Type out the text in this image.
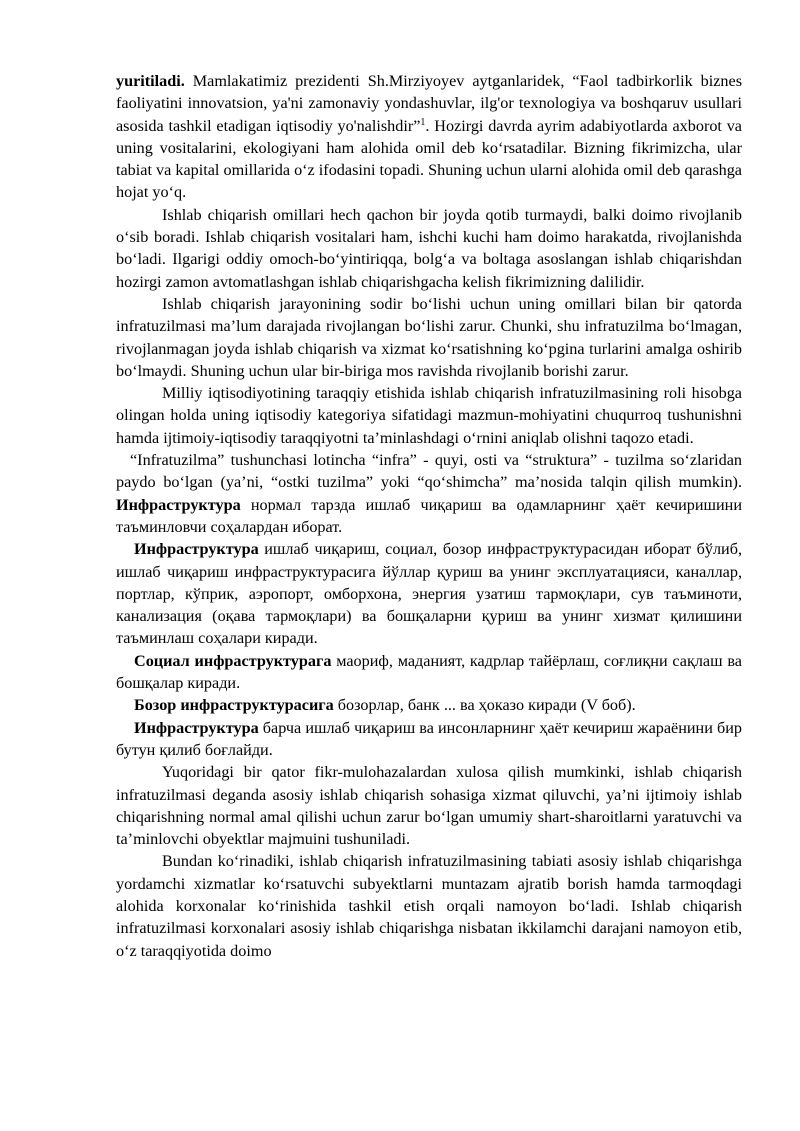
yuritiladi. Mamlakatimiz prezidenti Sh.Mirziyoyev aytganlaridek, “Faol tadbirkorlik biznes faoliyatini innovatsion, ya'ni zamonaviy yondashuvlar, ilg'or texnologiya va boshqaruv usullari asosida tashkil etadigan iqtisodiy yo'nalishdir”$^1$. Hozirgi davrda ayrim adabiyotlarda axborot va uning vositalarini, ekologiyani ham alohida omil deb ko‘rsatadilar. Bizning fikrimizcha, ular tabiat va kapital omillarida o‘z ifodasini topadi. Shuning uchun ularni alohida omil deb qarashga hojat yo‘q.

Ishlab chiqarish omillari hech qachon bir joyda qotib turmaydi, balki doimo rivojlanib o‘sib boradi. Ishlab chiqarish vositalari ham, ishchi kuchi ham doimo harakatda, rivojlanishda bo‘ladi. Ilgarigi oddiy omoch-bo‘yintiriqqa, bolg‘a va boltaga asoslangan ishlab chiqarishdan hozirgi zamon avtomatlashgan ishlab chiqarishgacha kelish fikrimizning dalilidir.

Ishlab chiqarish jarayonining sodir bo‘lishi uchun uning omillari bilan bir qatorda infratuzilmasi ma’lum darajada rivojlangan bo‘lishi zarur. Chunki, shu infratuzilma bo‘lmagan, rivojlanmagan joyda ishlab chiqarish va xizmat ko‘rsatishning ko‘pgina turlarini amalga oshirib bo‘lmaydi. Shuning uchun ular bir-biriga mos ravishda rivojlanib borishi zarur.

Milliy iqtisodiyotining taraqqiy etishida ishlab chiqarish infratuzilmasining roli hisobga olingan holda uning iqtisodiy kategoriya sifatidagi mazmun-mohiyatini chuqurroq tushunishni hamda ijtimoiy-iqtisodiy taraqqiyotni ta’minlashdagi o‘rnini aniqlab olishni taqozo etadi.

“Infratuzilma” tushunchasi lotincha “infra” - quyi, osti va “struktura” - tuzilma so‘zlaridan paydo bo‘lgan (ya’ni, “ostki tuzilma” yoki “qo‘shimcha” ma’nosida talqin qilish mumkin). Инфраструктура нормал тарзда ишлаб чиқариш ва одамларнинг ҳаёт кечиришини таъминловчи соҳалардан иборат.

Инфраструктура ишлаб чиқариш, социал, бозор инфраструктурасидан иборат бўлиб, ишлаб чиқариш инфраструктурасига йўллар қуриш ва унинг эксплуатацияси, каналлар, портлар, кўприк, аэропорт, омборхона, энергия узатиш тармоқлари, сув таъминоти, канализация (оқава тармоқлари) ва бошқаларни қуриш ва унинг хизмат қилишини таъминлаш соҳалари киради.

Социал инфраструктурага маориф, маданият, кадрлар тайёрлаш, соғлиқни сақлаш ва бошқалар киради.

Бозор инфраструктурасига бозорлар, банк ... ва ҳоказо киради (V боб).

Инфраструктура барча ишлаб чиқариш ва инсонларнинг ҳаёт кечириш жараёнини бир бутун қилиб боғлайди.

Yuqoridagi bir qator fikr-mulohazalardan xulosa qilish mumkinki, ishlab chiqarish infratuzilmasi deganda asosiy ishlab chiqarish sohasiga xizmat qiluvchi, ya’ni ijtimoiy ishlab chiqarishning normal amal qilishi uchun zarur bo‘lgan umumiy shart-sharoitlarni yaratuvchi va ta’minlovchi obyektlar majmuini tushuniladi.

Bundan ko‘rinadiki, ishlab chiqarish infratuzilmasining tabiati asosiy ishlab chiqarishga yordamchi xizmatlar ko‘rsatuvchi subyektlarni muntazam ajratib borish hamda tarmoqdagi alohida korxonalar ko‘rinishida tashkil etish orqali namoyon bo‘ladi. Ishlab chiqarish infratuzilmasi korxonalari asosiy ishlab chiqarishga nisbatan ikkilamchi darajani namoyon etib, o‘z taraqqiyotida doimo
